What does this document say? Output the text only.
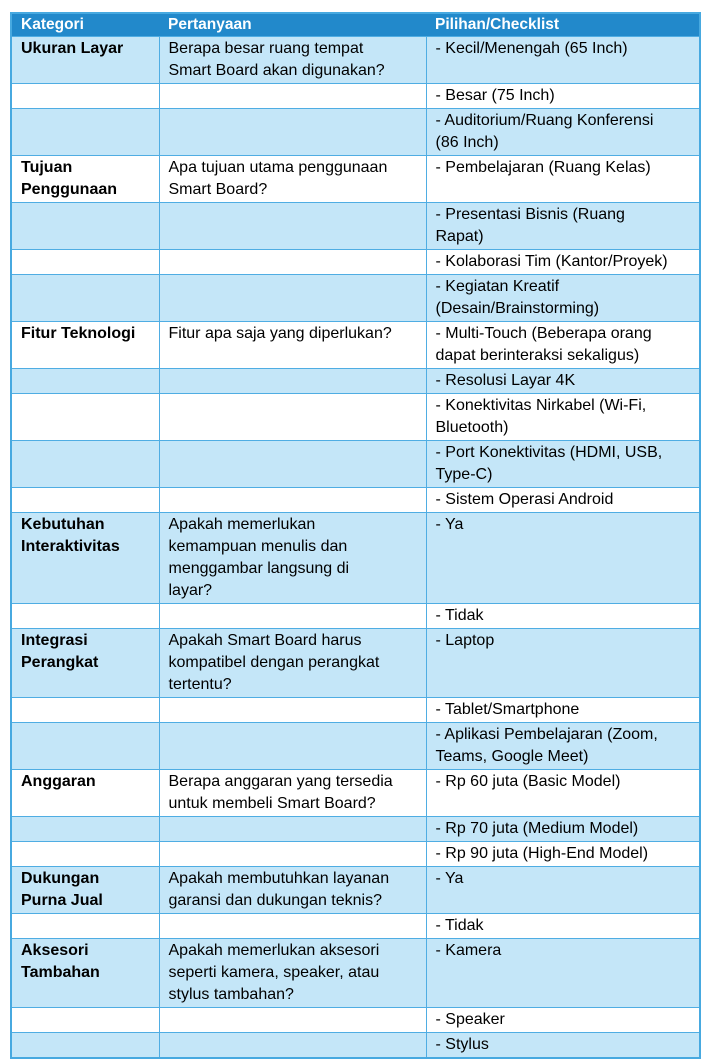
Kategori	Pertanyaan	Pilihan/Checklist
Ukuran Layar	Berapa besar ruang tempat Smart Board akan digunakan?	- Kecil/Menengah (65 Inch)
		- Besar (75 Inch)
		- Auditorium/Ruang Konferensi (86 Inch)
Tujuan Penggunaan	Apa tujuan utama penggunaan Smart Board?	- Pembelajaran (Ruang Kelas)
		- Presentasi Bisnis (Ruang Rapat)
		- Kolaborasi Tim (Kantor/Proyek)
		- Kegiatan Kreatif (Desain/Brainstorming)
Fitur Teknologi	Fitur apa saja yang diperlukan?	- Multi-Touch (Beberapa orang dapat berinteraksi sekaligus)
		- Resolusi Layar 4K
		- Konektivitas Nirkabel (Wi-Fi, Bluetooth)
		- Port Konektivitas (HDMI, USB, Type-C)
		- Sistem Operasi Android
Kebutuhan Interaktivitas	Apakah memerlukan kemampuan menulis dan menggambar langsung di layar?	- Ya
		- Tidak
Integrasi Perangkat	Apakah Smart Board harus kompatibel dengan perangkat tertentu?	- Laptop
		- Tablet/Smartphone
		- Aplikasi Pembelajaran (Zoom, Teams, Google Meet)
Anggaran	Berapa anggaran yang tersedia untuk membeli Smart Board?	- Rp 60 juta (Basic Model)
		- Rp 70 juta (Medium Model)
		- Rp 90 juta (High-End Model)
Dukungan Purna Jual	Apakah membutuhkan layanan garansi dan dukungan teknis?	- Ya
		- Tidak
Aksesori Tambahan	Apakah memerlukan aksesori seperti kamera, speaker, atau stylus tambahan?	- Kamera
		- Speaker
		- Stylus
